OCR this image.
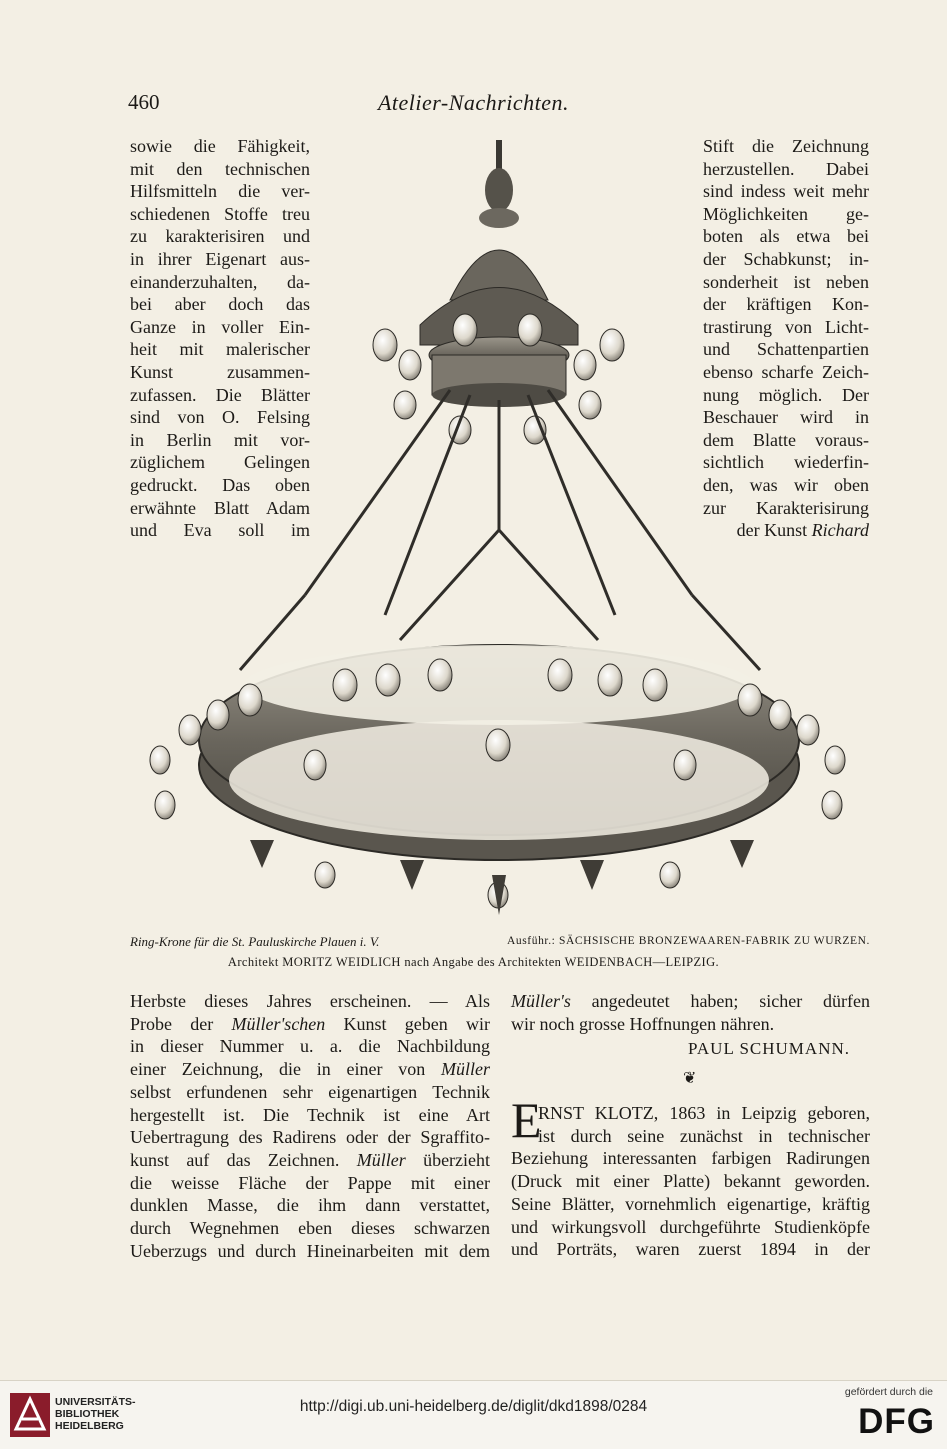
460	Atelier-Nachrichten.
sowie die Fähigkeit,
mit den technischen
Hilfsmitteln die ver-
schiedenen Stoffe treu
zu karakterisiren und
in ihrer Eigenart aus-
einanderzuhalten, da-
bei aber doch das
Ganze in voller Ein-
heit mit malerischer
Kunst zusammen-
zufassen. Die Blätter
sind von O. Felsing
in Berlin mit vor-
züglichem Gelingen
gedruckt. Das oben
erwähnte Blatt Adam
und Eva soll im
Stift die Zeichnung
herzustellen. Dabei
sind indess weit mehr
Möglichkeiten ge-
boten als etwa bei
der Schabkunst; in-
sonderheit ist neben
der kräftigen Kon-
trastirung von Licht-
und Schattenpartien
ebenso scharfe Zeich-
nung möglich. Der
Beschauer wird in
dem Blatte voraus-
sichtlich wiederfin-
den, was wir oben
zur Karakterisirung
der Kunst Richard
Ring-Krone für die St. Pauluskirche Plauen i. V.	Ausführ.: SÄCHSISCHE BRONZEWAAREN-FABRIK ZU WURZEN.
Architekt MORITZ WEIDLICH nach Angabe des Architekten WEIDENBACH—LEIPZIG.
Herbste dieses Jahres erscheinen. — Als
Probe der Müller'schen Kunst geben wir
in dieser Nummer u. a. die Nachbildung
einer Zeichnung, die in einer von Müller
selbst erfundenen sehr eigenartigen Technik
hergestellt ist. Die Technik ist eine Art
Uebertragung des Radirens oder der Sgraffito-
kunst auf das Zeichnen. Müller überzieht
die weisse Fläche der Pappe mit einer
dunklen Masse, die ihm dann verstattet,
durch Wegnehmen eben dieses schwarzen
Ueberzugs und durch Hineinarbeiten mit dem
Müller's angedeutet haben; sicher dürfen
wir noch grosse Hoffnungen nähren.
PAUL SCHUMANN.
❦
E
RNST KLOTZ, 1863 in Leipzig geboren,
ist durch seine zunächst in technischer
Beziehung interessanten farbigen Radirungen
(Druck mit einer Platte) bekannt geworden.
Seine Blätter, vornehmlich eigenartige, kräftig
und wirkungsvoll durchgeführte Studienköpfe
und Porträts, waren zuerst 1894 in der
UNIVERSITÄTS-
BIBLIOTHEK
HEIDELBERG
http://digi.ub.uni-heidelberg.de/diglit/dkd1898/0284
gefördert durch die
DFG
